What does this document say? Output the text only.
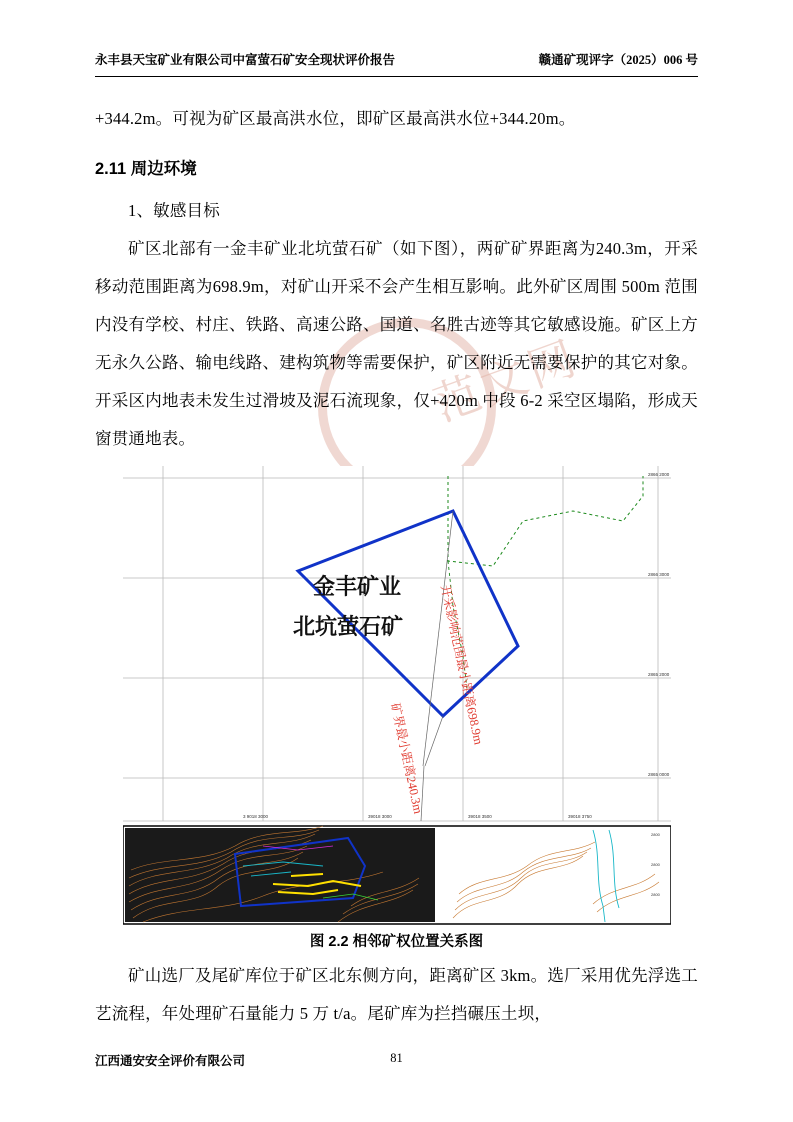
范文网
永丰县天宝矿业有限公司中富萤石矿安全现状评价报告	赣通矿现评字（2025）006 号

+344.2m。可视为矿区最高洪水位，即矿区最高洪水位+344.20m。

2.11 周边环境

1、敏感目标

矿区北部有一金丰矿业北坑萤石矿（如下图），两矿矿界距离为240.3m，开采移动范围距离为698.9m，对矿山开采不会产生相互影响。此外矿区周围 500m 范围内没有学校、村庄、铁路、高速公路、国道、名胜古迹等其它敏感设施。矿区上方无永久公路、输电线路、建构筑物等需要保护，矿区附近无需要保护的其它对象。开采区内地表未发生过滑坡及泥石流现象，仅+420m 中段 6-2 采空区塌陷，形成天窗贯通地表。

金丰矿业
北坑萤石矿	开采影响范围最小距离698.9m
矿界最小距离240.3m
2866 2000
2866 3000
2865 2000
2865 0000
3 9018 3000	39018 3000	39018 3500	39018 3750
2800
2800
2800

图 2.2 相邻矿权位置关系图

矿山选厂及尾矿库位于矿区北东侧方向，距离矿区 3km。选厂采用优先浮选工艺流程，年处理矿石量能力 5 万 t/a。尾矿库为拦挡碾压土坝，

江西通安安全评价有限公司	81
